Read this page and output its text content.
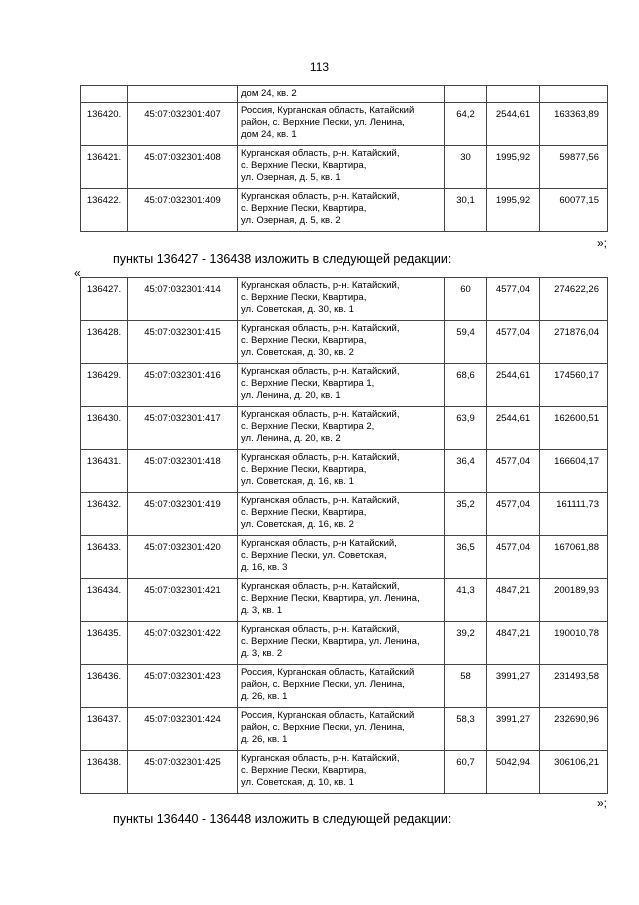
113
		дом 24, кв. 2			
136420.	45:07:032301:407	Россия, Курганская область, Катайский
район, с. Верхние Пески, ул. Ленина,
дом 24, кв. 1	64,2	2544,61	163363,89
136421.	45:07:032301:408	Курганская область, р-н. Катайский,
с. Верхние Пески, Квартира,
ул. Озерная, д. 5, кв. 1	30	1995,92	59877,56
136422.	45:07:032301:409	Курганская область, р-н. Катайский,
с. Верхние Пески, Квартира,
ул. Озерная, д. 5, кв. 2	30,1	1995,92	60077,15
»;
пункты 136427 - 136438 изложить в следующей редакции:
«
136427.	45:07:032301:414	Курганская область, р-н. Катайский,
с. Верхние Пески, Квартира,
ул. Советская, д. 30, кв. 1	60	4577,04	274622,26
136428.	45:07:032301:415	Курганская область, р-н. Катайский,
с. Верхние Пески, Квартира,
ул. Советская, д. 30, кв. 2	59,4	4577,04	271876,04
136429.	45:07:032301:416	Курганская область, р-н. Катайский,
с. Верхние Пески, Квартира 1,
ул. Ленина, д. 20, кв. 1	68,6	2544,61	174560,17
136430.	45:07:032301:417	Курганская область, р-н. Катайский,
с. Верхние Пески, Квартира 2,
ул. Ленина, д. 20, кв. 2	63,9	2544,61	162600,51
136431.	45:07:032301:418	Курганская область, р-н. Катайский,
с. Верхние Пески, Квартира,
ул. Советская, д. 16, кв. 1	36,4	4577,04	166604,17
136432.	45:07:032301:419	Курганская область, р-н. Катайский,
с. Верхние Пески, Квартира,
ул. Советская, д. 16, кв. 2	35,2	4577,04	161111,73
136433.	45:07:032301:420	Курганская область, р-н Катайский,
с. Верхние Пески, ул. Советская,
д. 16, кв. 3	36,5	4577,04	167061,88
136434.	45:07:032301:421	Курганская область, р-н. Катайский,
с. Верхние Пески, Квартира, ул. Ленина,
д. 3, кв. 1	41,3	4847,21	200189,93
136435.	45:07:032301:422	Курганская область, р-н. Катайский,
с. Верхние Пески, Квартира, ул. Ленина,
д. 3, кв. 2	39,2	4847,21	190010,78
136436.	45:07:032301:423	Россия, Курганская область, Катайский
район, с. Верхние Пески, ул. Ленина,
д. 26, кв. 1	58	3991,27	231493,58
136437.	45:07:032301:424	Россия, Курганская область, Катайский
район, с. Верхние Пески, ул. Ленина,
д. 26, кв. 1	58,3	3991,27	232690,96
136438.	45:07:032301:425	Курганская область, р-н. Катайский,
с. Верхние Пески, Квартира,
ул. Советская, д. 10, кв. 1	60,7	5042,94	306106,21
»;
пункты 136440 - 136448 изложить в следующей редакции:
